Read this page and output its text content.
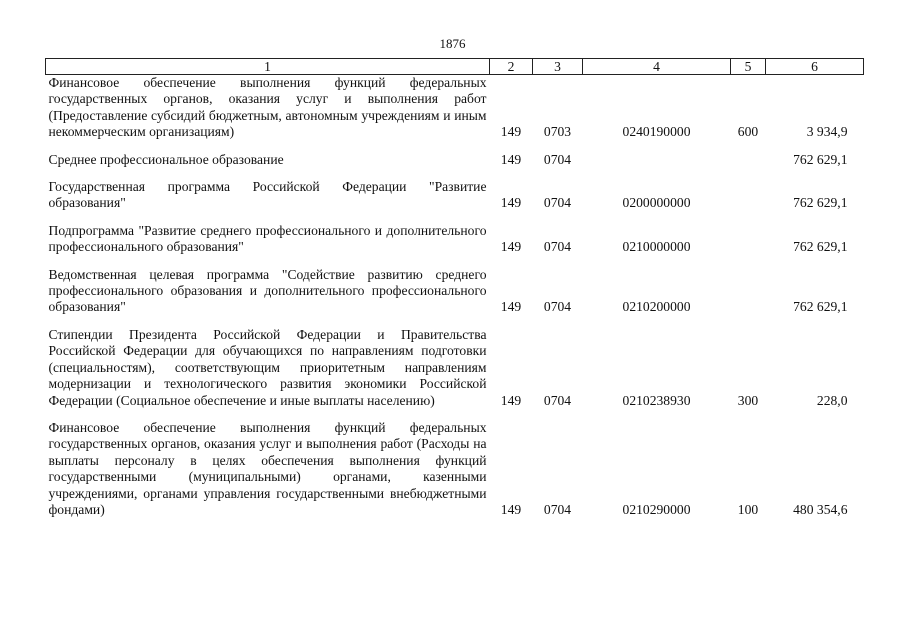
1876
1	2	3	4	5	6
Финансовое обеспечение выполнения функций федеральных государственных органов, оказания услуг и выполнения работ (Предоставление субсидий бюджетным, автономным учреждениям и иным некоммерческим организациям)	149	0703	0240190000	600	3 934,9
Среднее профессиональное образование	149	0704			762 629,1
Государственная программа Российской Федерации "Развитие образования"	149	0704	0200000000		762 629,1
Подпрограмма "Развитие среднего профессионального и дополнительного профессионального образования"	149	0704	0210000000		762 629,1
Ведомственная целевая программа "Содействие развитию среднего профессионального образования и дополнительного профессионального образования"	149	0704	0210200000		762 629,1
Стипендии Президента Российской Федерации и Правительства Российской Федерации для обучающихся по направлениям подготовки (специальностям), соответствующим приоритетным направлениям модернизации и технологического развития экономики Российской Федерации (Социальное обеспечение и иные выплаты населению)	149	0704	0210238930	300	228,0
Финансовое обеспечение выполнения функций федеральных государственных органов, оказания услуг и выполнения работ (Расходы на выплаты персоналу в целях обеспечения выполнения функций государственными (муниципальными) органами, казенными учреждениями, органами управления государственными внебюджетными фондами)	149	0704	0210290000	100	480 354,6
